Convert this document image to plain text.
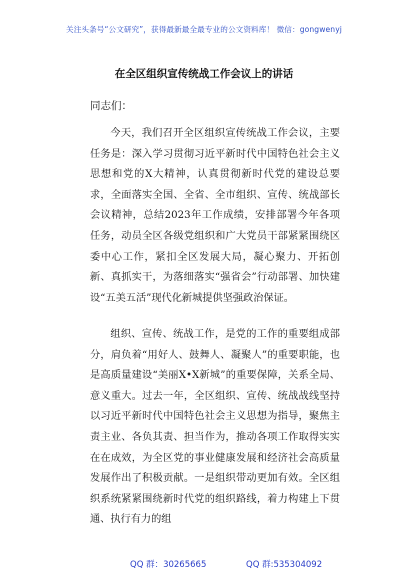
关注头条号“公文研究”，获得最新最全最专业的公文资料库！ 微信：gongwenyj
在全区组织宣传统战工作会议上的讲话
同志们：

今天，我们召开全区组织宣传统战工作会议，主要任务是：深入学习贯彻习近平新时代中国特色社会主义思想和党的X大精神，认真贯彻新时代党的建设总要求，全面落实全国、全省、全市组织、宣传、统战部长会议精神，总结2023年工作成绩，安排部署今年各项任务，动员全区各级党组织和广大党员干部紧紧围绕区委中心工作，紧扣全区发展大局，凝心聚力、开拓创新、真抓实干，为落细落实“强省会”行动部署、加快建设“五美五活”现代化新城提供坚强政治保证。

组织、宣传、统战工作，是党的工作的重要组成部分，肩负着“用好人、鼓舞人、凝聚人”的重要职能，也是高质量建设“美丽X•X新城”的重要保障，关系全局、意义重大。过去一年，全区组织、宣传、统战战线坚持以习近平新时代中国特色社会主义思想为指导，聚焦主责主业、各负其责、担当作为，推动各项工作取得实实在在成效，为全区党的事业健康发展和经济社会高质量发展作出了积极贡献。一是组织带动更加有效。全区组织系统紧紧围绕新时代党的组织路线，着力构建上下贯通、执行有力的组

QQ 群：30265665	QQ 群:535304092
